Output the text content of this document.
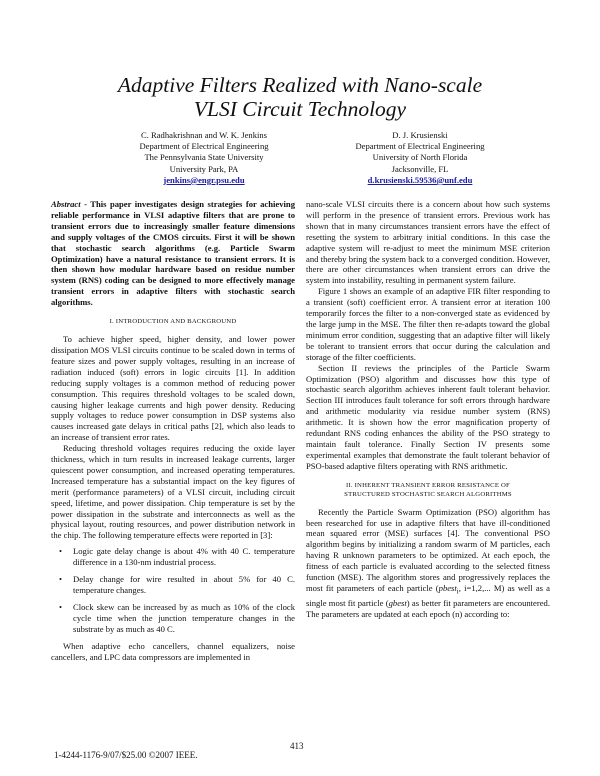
Adaptive Filters Realized with Nano-scale
VLSI Circuit Technology
C. Radhakrishnan and W. K. Jenkins
Department of Electrical Engineering
The Pennsylvania State University
University Park, PA
jenkins@engr.psu.edu
D. J. Krusienski
Department of Electrical Engineering
University of North Florida
Jacksonville, FL
d.krusienski.59536@unf.edu

Abstract - This paper investigates design strategies for achieving reliable performance in VLSI adaptive filters that are prone to transient errors due to increasingly smaller feature dimensions and supply voltages of the CMOS circuits. First it will be shown that stochastic search algorithms (e.g. Particle Swarm Optimization) have a natural resistance to transient errors. It is then shown how modular hardware based on residue number system (RNS) coding can be designed to more effectively manage transient errors in adaptive filters with stochastic search algorithms.

I. INTRODUCTION AND BACKGROUND

To achieve higher speed, higher density, and lower power dissipation MOS VLSI circuits continue to be scaled down in terms of feature sizes and power supply voltages, resulting in an increase of radiation induced (soft) errors in logic circuits [1]. In addition reducing supply voltages is a common method of reducing power consumption. This requires threshold voltages to be scaled down, causing higher leakage currents and high power density. Reducing supply voltages to reduce power consumption in DSP systems also causes increased gate delays in critical paths [2], which also leads to an increase of transient error rates.

Reducing threshold voltages requires reducing the oxide layer thickness, which in turn results in increased leakage currents, larger quiescent power consumption, and increased operating temperatures. Increased temperature has a substantial impact on the key figures of merit (performance parameters) of a VLSI circuit, including circuit speed, lifetime, and power dissipation. Chip temperature is set by the power dissipation in the substrate and interconnects as well as the physical layout, routing resources, and power distribution network in the chip. The following temperature effects were reported in [3]:

• Logic gate delay change is about 4% with 40 C. temperature difference in a 130-nm industrial process.
• Delay change for wire resulted in about 5% for 40 C. temperature changes.
• Clock skew can be increased by as much as 10% of the clock cycle time when the junction temperature changes in the substrate by as much as 40 C.

When adaptive echo cancellers, channel equalizers, noise cancellers, and LPC data compressors are implemented in

nano-scale VLSI circuits there is a concern about how such systems will perform in the presence of transient errors. Previous work has shown that in many circumstances transient errors have the effect of resetting the system to arbitrary initial conditions. In this case the adaptive system will re-adjust to meet the minimum MSE criterion and thereby bring the system back to a converged condition. However, there are other circumstances when transient errors can drive the system into instability, resulting in permanent system failure.

Figure 1 shows an example of an adaptive FIR filter responding to a transient (soft) coefficient error. A transient error at iteration 100 temporarily forces the filter to a non-converged state as evidenced by the large jump in the MSE. The filter then re-adapts toward the global minimum error condition, suggesting that an adaptive filter will likely be tolerant to transient errors that occur during the calculation and storage of the filter coefficients.

Section II reviews the principles of the Particle Swarm Optimization (PSO) algorithm and discusses how this type of stochastic search algorithm achieves inherent fault tolerant behavior. Section III introduces fault tolerance for soft errors through hardware and arithmetic modularity via residue number system (RNS) arithmetic. It is shown how the error magnification property of redundant RNS coding enhances the ability of the PSO strategy to maintain fault tolerance. Finally Section IV presents some experimental examples that demonstrate the fault tolerant behavior of PSO-based adaptive filters operating with RNS arithmetic.

II. INHERENT TRANSIENT ERROR RESISTANCE OF
STRUCTURED STOCHASTIC SEARCH ALGORITHMS

Recently the Particle Swarm Optimization (PSO) algorithm has been researched for use in adaptive filters that have ill-conditioned mean squared error (MSE) surfaces [4]. The conventional PSO algorithm begins by initializing a random swarm of M particles, each having R unknown parameters to be optimized. At each epoch, the fitness of each particle is evaluated according to the selected fitness function (MSE). The algorithm stores and progressively replaces the most fit parameters of each particle (pbest$_i$, i=1,2,... M) as well as a single most fit particle (gbest) as better fit parameters are encountered. The parameters are updated at each epoch (n) according to:

413
1-4244-1176-9/07/$25.00 ©2007 IEEE.
